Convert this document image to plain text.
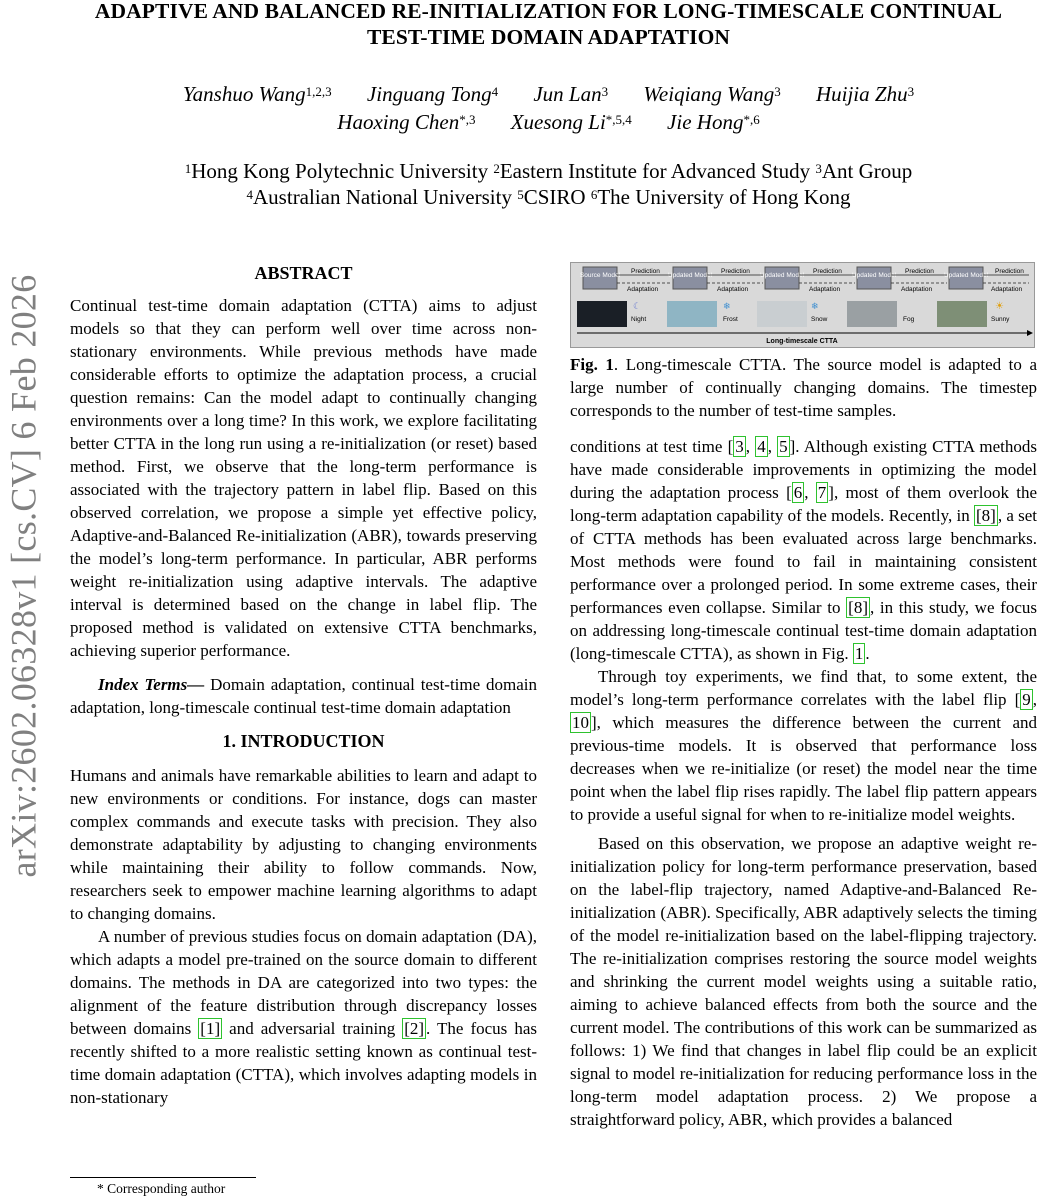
arXiv:2602.06328v1 [cs.CV] 6 Feb 2026
ADAPTIVE AND BALANCED RE-INITIALIZATION FOR LONG-TIMESCALE CONTINUAL
TEST-TIME DOMAIN ADAPTATION
Yanshuo Wang$^{1,2,3}$ Jinguang Tong$^4$ Jun Lan$^3$ Weiqiang Wang$^3$ Huijia Zhu$^3$
Haoxing Chen$^{*,3}$ Xuesong $Li^{*,5,4}$ Jie Hong$^{*,6}$
$^1$Hong Kong Polytechnic University $^2$Eastern Institute for Advanced Study $^3$Ant Group
$^4$Australian National University $^5$CSIRO $^6$The University of Hong Kong
ABSTRACT

Continual test-time domain adaptation (CTTA) aims to adjust models so that they can perform well over time across non-stationary environments. While previous methods have made considerable efforts to optimize the adaptation process, a crucial question remains: Can the model adapt to continually changing environments over a long time? In this work, we explore facilitating better CTTA in the long run using a re-initialization (or reset) based method. First, we observe that the long-term performance is associated with the trajectory pattern in label flip. Based on this observed correlation, we propose a simple yet effective policy, Adaptive-and-Balanced Re-initialization (ABR), towards preserving the model’s long-term performance. In particular, ABR performs weight re-initialization using adaptive intervals. The adaptive interval is determined based on the change in label flip. The proposed method is validated on extensive CTTA benchmarks, achieving superior performance.

Index Terms— Domain adaptation, continual test-time domain adaptation, long-timescale continual test-time domain adaptation

1. INTRODUCTION

Humans and animals have remarkable abilities to learn and adapt to new environments or conditions. For instance, dogs can master complex commands and execute tasks with precision. They also demonstrate adaptability by adjusting to changing environments while maintaining their ability to follow commands. Now, researchers seek to empower machine learning algorithms to adapt to changing domains.

A number of previous studies focus on domain adaptation (DA), which adapts a model pre-trained on the source domain to different domains. The methods in DA are categorized into two types: the alignment of the feature distribution through discrepancy losses between domains [1] and adversarial training [2] . The focus has recently shifted to a more realistic setting known as continual test-time domain adaptation (CTTA), which involves adapting models in non-stationary

* Corresponding author
Source Model	Updated Model	Updated Model	Updated Model	Updated Model
Prediction
Adaptation
Prediction
Adaptation
Prediction
Adaptation
Prediction
Adaptation
Prediction
Adaptation
Night	Frost	Snow	Fog	Sunny
☾	❄	❄	☀
Long-timescale CTTA

Fig. 1. Long-timescale CTTA. The source model is adapted to a large number of continually changing domains. The timestep corresponds to the number of test-time samples.

conditions at test time [ 3 , 4 , 5 ]. Although existing CTTA methods have made considerable improvements in optimizing the model during the adaptation process [ 6 , 7 ], most of them overlook the long-term adaptation capability of the models. Recently, in [8] , a set of CTTA methods has been evaluated across large benchmarks. Most methods were found to fail in maintaining consistent performance over a prolonged period. In some extreme cases, their performances even collapse. Similar to [8] , in this study, we focus on addressing long-timescale continual test-time domain adaptation (long-timescale CTTA), as shown in Fig. 1 .

Through toy experiments, we find that, to some extent, the model’s long-term performance correlates with the label flip [ 9 , 10 ], which measures the difference between the current and previous-time models. It is observed that performance loss decreases when we re-initialize (or reset) the model near the time point when the label flip rises rapidly. The label flip pattern appears to provide a useful signal for when to re-initialize model weights.

Based on this observation, we propose an adaptive weight re-initialization policy for long-term performance preservation, based on the label-flip trajectory, named Adaptive-and-Balanced Re-initialization (ABR). Specifically, ABR adaptively selects the timing of the model re-initialization based on the label-flipping trajectory. The re-initialization comprises restoring the source model weights and shrinking the current model weights using a suitable ratio, aiming to achieve balanced effects from both the source and the current model. The contributions of this work can be summarized as follows: 1) We find that changes in label flip could be an explicit signal to model re-initialization for reducing performance loss in the long-term model adaptation process. 2) We propose a straightforward policy, ABR, which provides a balanced
